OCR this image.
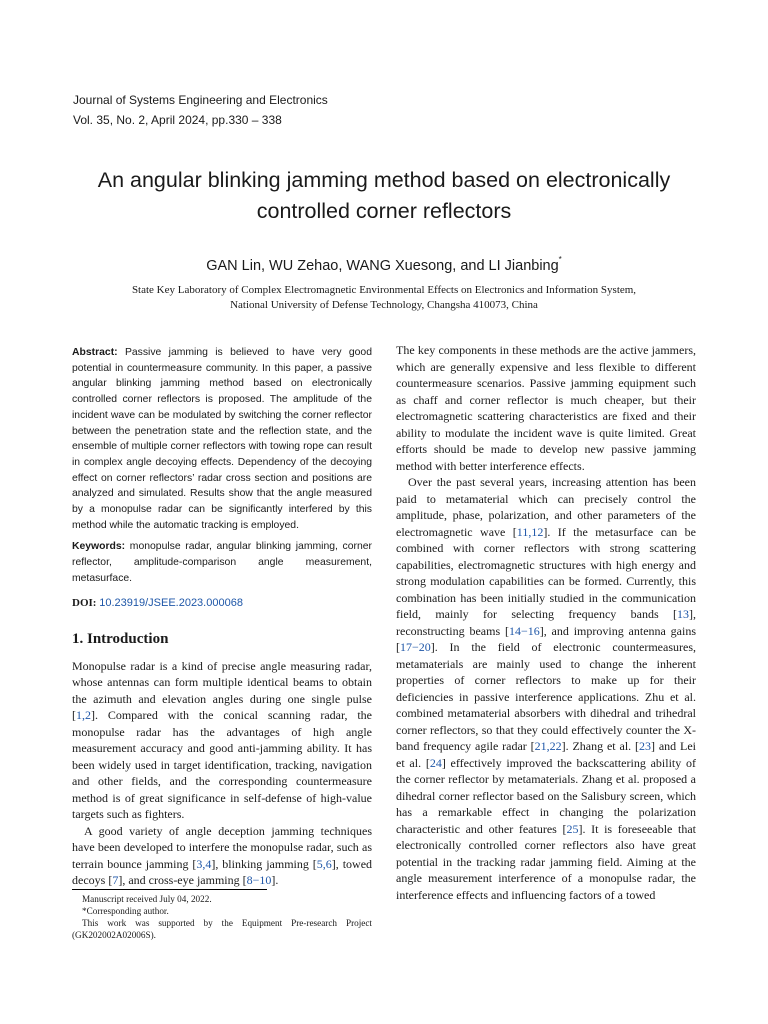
Journal of Systems Engineering and Electronics
Vol. 35, No. 2, April 2024, pp.330 – 338
An angular blinking jamming method based on electronically
controlled corner reflectors
GAN Lin, WU Zehao, WANG Xuesong, and LI Jianbing*
State Key Laboratory of Complex Electromagnetic Environmental Effects on Electronics and Information System,
National University of Defense Technology, Changsha 410073, China

Abstract: Passive jamming is believed to have very good potential in countermeasure community. In this paper, a passive angular blinking jamming method based on electronically controlled corner reflectors is proposed. The amplitude of the incident wave can be modulated by switching the corner reflector between the penetration state and the reflection state, and the ensemble of multiple corner reflectors with towing rope can result in complex angle decoying effects. Dependency of the decoying effect on corner reflectors’ radar cross section and positions are analyzed and simulated. Results show that the angle measured by a monopulse radar can be significantly interfered by this method while the automatic tracking is employed.

Keywords: monopulse radar, angular blinking jamming, corner reflector, amplitude-comparison angle measurement, metasurface.

DOI: 10.23919/JSEE.2023.000068
1. Introduction

Monopulse radar is a kind of precise angle measuring radar, whose antennas can form multiple identical beams to obtain the azimuth and elevation angles during one single pulse [1,2]. Compared with the conical scanning radar, the monopulse radar has the advantages of high angle measurement accuracy and good anti-jamming ability. It has been widely used in target identification, tracking, navigation and other fields, and the corresponding countermeasure method is of great significance in self-defense of high-value targets such as fighters.

A good variety of angle deception jamming techniques have been developed to interfere the monopulse radar, such as terrain bounce jamming [3,4], blinking jamming [5,6], towed decoys [7], and cross-eye jamming [8−10].

Manuscript received July 04, 2022.
*Corresponding author.
This work was supported by the Equipment Pre-research Project (GK202002A02006S).

The key components in these methods are the active jammers, which are generally expensive and less flexible to different countermeasure scenarios. Passive jamming equipment such as chaff and corner reflector is much cheaper, but their electromagnetic scattering characteristics are fixed and their ability to modulate the incident wave is quite limited. Great efforts should be made to develop new passive jamming method with better interference effects.

Over the past several years, increasing attention has been paid to metamaterial which can precisely control the amplitude, phase, polarization, and other parameters of the electromagnetic wave [11,12]. If the metasurface can be combined with corner reflectors with strong scattering capabilities, electromagnetic structures with high energy and strong modulation capabilities can be formed. Currently, this combination has been initially studied in the communication field, mainly for selecting frequency bands [13], reconstructing beams [14−16], and improving antenna gains [17−20]. In the field of electronic countermeasures, metamaterials are mainly used to change the inherent properties of corner reflectors to make up for their deficiencies in passive interference applications. Zhu et al. combined metamaterial absorbers with dihedral and trihedral corner reflectors, so that they could effectively counter the X-band frequency agile radar [21,22]. Zhang et al. [23] and Lei et al. [24] effectively improved the backscattering ability of the corner reflector by metamaterials. Zhang et al. proposed a dihedral corner reflector based on the Salisbury screen, which has a remarkable effect in changing the polarization characteristic and other features [25]. It is foreseeable that electronically controlled corner reflectors also have great potential in the tracking radar jamming field. Aiming at the angle measurement interference of a monopulse radar, the interference effects and influencing factors of a towed
